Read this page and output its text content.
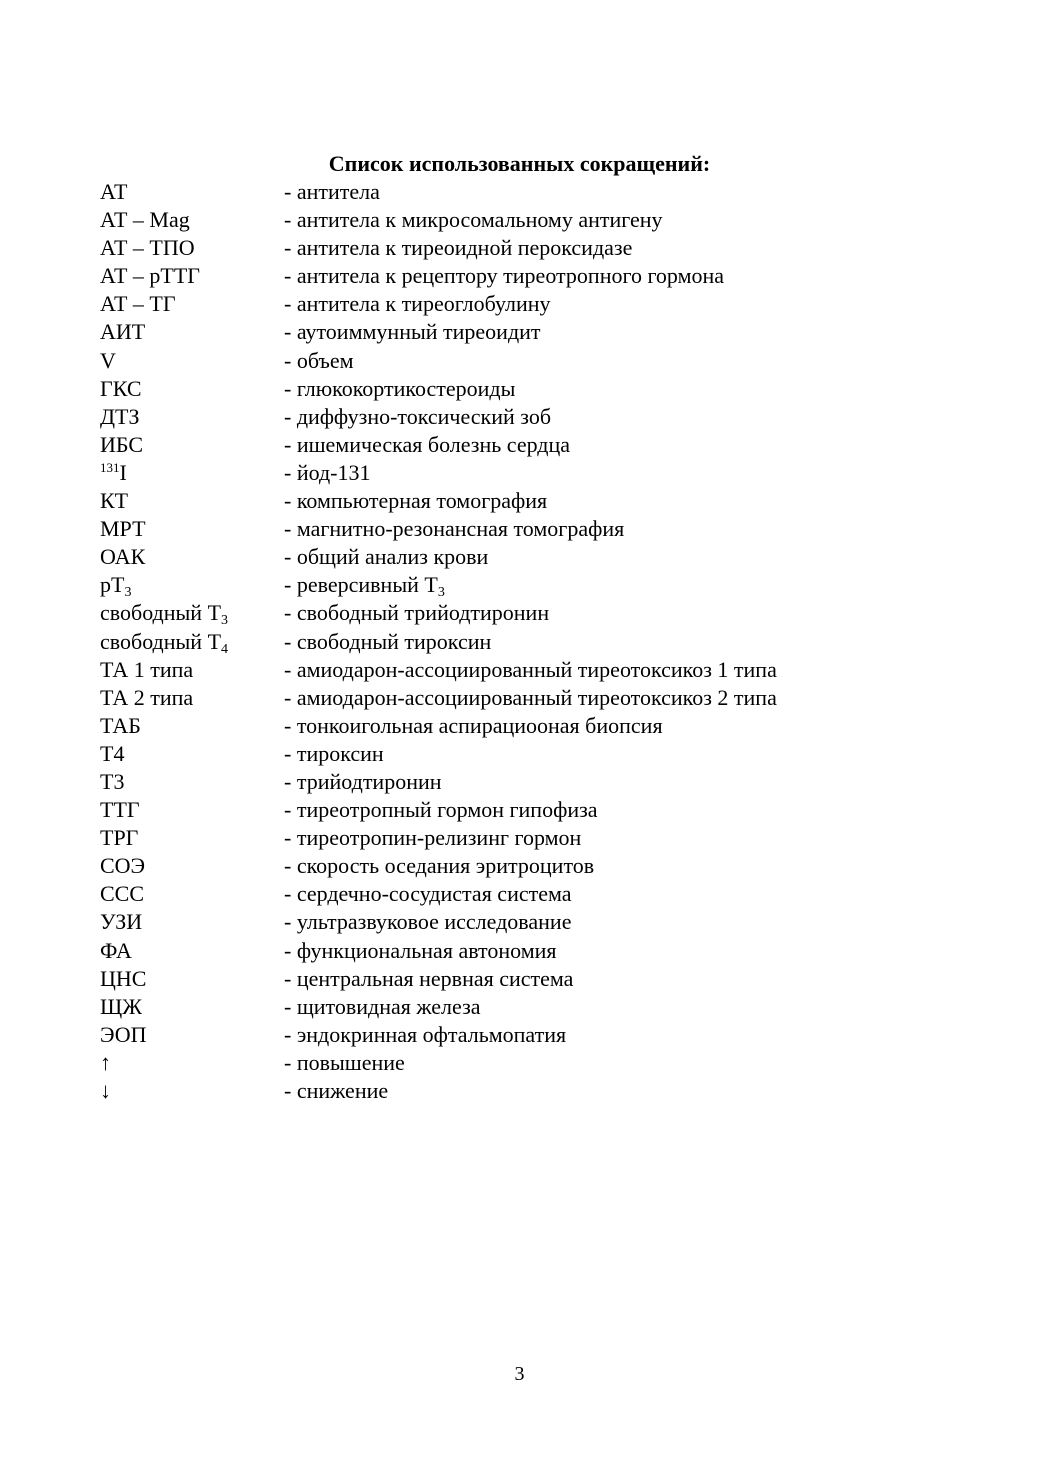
Список использованных сокращений:
АТ	- антитела
АТ – Mag	- антитела к микросомальному антигену
АТ – ТПО	- антитела к тиреоидной пероксидазе
АТ – рТТГ	- антитела к рецептору тиреотропного гормона
АТ – ТГ	- антитела к тиреоглобулину
АИТ	- аутоиммунный тиреоидит
V	- объем
ГКС	- глюкокортикостероиды
ДТЗ	- диффузно-токсический зоб
ИБС	- ишемическая болезнь сердца
$^{131}$I	- йод-131
КТ	- компьютерная томография
МРТ	- магнитно-резонансная томография
ОАК	- общий анализ крови
$рТ_3$	- реверсивный $Т_3$
свободный $Т_3$	- свободный трийодтиронин
свободный $Т_4$	- свободный тироксин
ТА 1 типа	- амиодарон-ассоциированный тиреотоксикоз 1 типа
ТА 2 типа	- амиодарон-ассоциированный тиреотоксикоз 2 типа
ТАБ	- тонкоигольная аспирациооная биопсия
Т4	- тироксин
Т3	- трийодтиронин
ТТГ	- тиреотропный гормон гипофиза
ТРГ	- тиреотропин-релизинг гормон
СОЭ	- скорость оседания эритроцитов
ССС	- сердечно-сосудистая система
УЗИ	- ультразвуковое исследование
ФА	- функциональная автономия
ЦНС	- центральная нервная система
ЩЖ	- щитовидная железа
ЭОП	- эндокринная офтальмопатия
↑	- повышение
↓	- снижение
3
